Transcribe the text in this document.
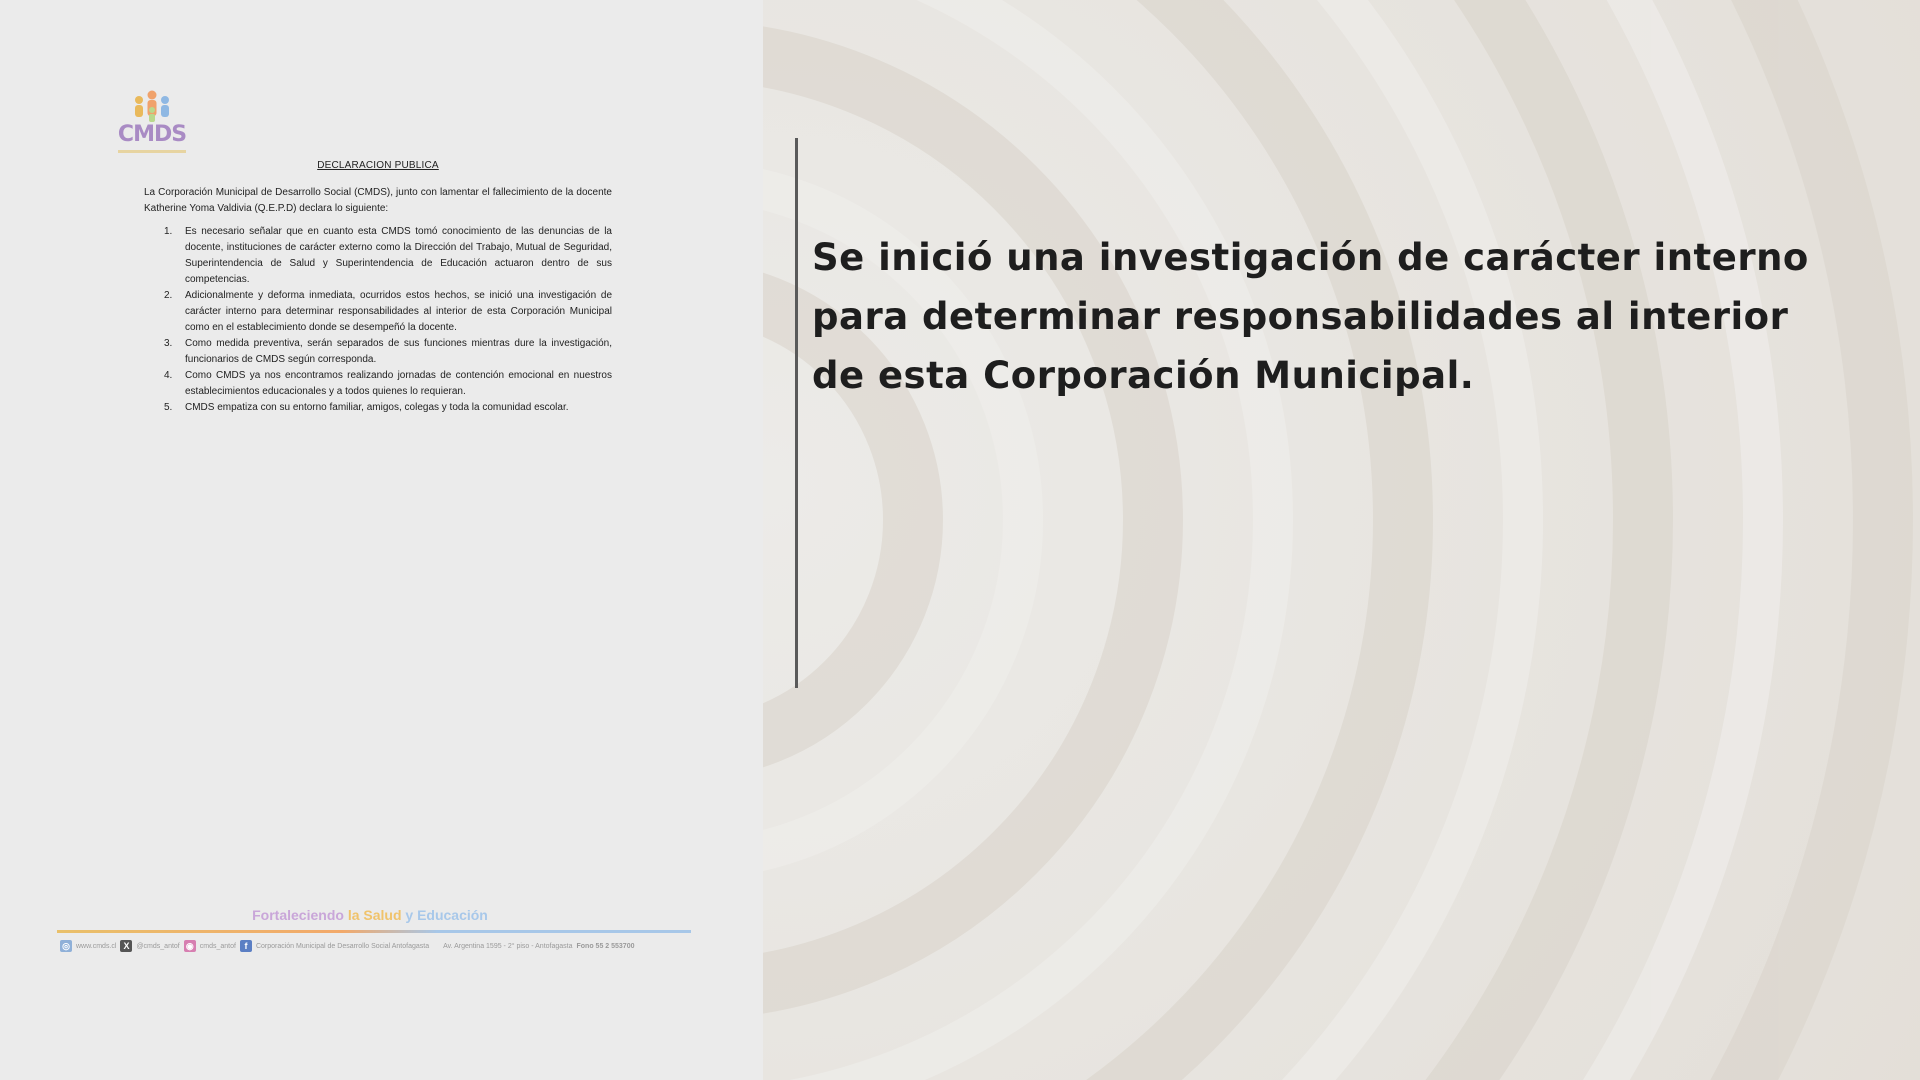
CMDS
DECLARACION PUBLICA

La Corporación Municipal de Desarrollo Social (CMDS), junto con lamentar el fallecimiento de la docente Katherine Yoma Valdivia (Q.E.P.D) declara lo siguiente:

1. Es necesario señalar que en cuanto esta CMDS tomó conocimiento de las denuncias de la docente, instituciones de carácter externo como la Dirección del Trabajo, Mutual de Seguridad, Superintendencia de Salud y Superintendencia de Educación actuaron dentro de sus competencias.
2. Adicionalmente y deforma inmediata, ocurridos estos hechos, se inició una investigación de carácter interno para determinar responsabilidades al interior de esta Corporación Municipal como en el establecimiento donde se desempeñó la docente.
3. Como medida preventiva, serán separados de sus funciones mientras dure la investigación, funcionarios de CMDS según corresponda.
4. Como CMDS ya nos encontramos realizando jornadas de contención emocional en nuestros establecimientos educacionales y a todos quienes lo requieran.
5. CMDS empatiza con su entorno familiar, amigos, colegas y toda la comunidad escolar.
Fortaleciendo la Salud y Educación
◎ www.cmds.cl X	@cmds_antof ◉ cmds_antof f	Corporación Municipal de Desarrollo Social Antofagasta Av. Argentina 1595 - 2° piso - Antofagasta Fono 55 2 553700

Se inició una investigación de carácter interno para determinar responsabilidades al interior de esta Corporación Municipal.
